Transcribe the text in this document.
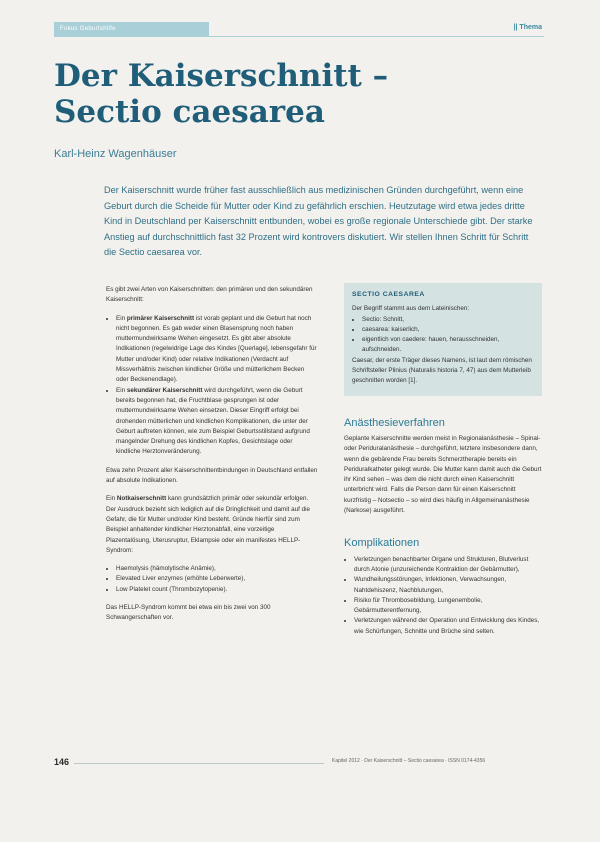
Fokus Geburtshilfe	|| Thema
Der Kaiserschnitt –
Sectio caesarea
Karl-Heinz Wagenhäuser
Der Kaiserschnitt wurde früher fast ausschließlich aus medizinischen Gründen durchgeführt, wenn eine Geburt durch die Scheide für Mutter oder Kind zu gefährlich erschien. Heutzutage wird etwa jedes dritte Kind in Deutschland per Kaiserschnitt entbunden, wobei es große regionale Unterschiede gibt. Der starke Anstieg auf durchschnittlich fast 32 Prozent wird kontrovers diskutiert. Wir stellen Ihnen Schritt für Schritt die Sectio caesarea vor.

Es gibt zwei Arten von Kaiserschnitten: den primären und den sekundären Kaiserschnitt:

• Ein primärer Kaiserschnitt ist vorab geplant und die Geburt hat noch nicht begonnen. Es gab weder einen Blasensprung noch haben muttermundwirksame Wehen eingesetzt. Es gibt aber absolute Indikationen (regelwidrige Lage des Kindes [Querlage], lebensgefahr für Mutter und/oder Kind) oder relative Indikationen (Verdacht auf Missverhältnis zwischen kindlicher Größe und mütterlichem Becken oder Beckenendlage).
• Ein sekundärer Kaiserschnitt wird durchgeführt, wenn die Geburt bereits begonnen hat, die Fruchtblase gesprungen ist oder muttermundwirksame Wehen einsetzen. Dieser Eingriff erfolgt bei drohenden mütterlichen und kindlichen Komplikationen, die unter der Geburt auftreten können, wie zum Beispiel Geburtsstillstand aufgrund mangelnder Drehung des kindlichen Kopfes, Gesichtslage oder kindliche Herztonveränderung.

Etwa zehn Prozent aller Kaiserschnittentbindungen in Deutschland entfallen auf absolute Indikationen.

Ein Notkaiserschnitt kann grundsätzlich primär oder sekundär erfolgen. Der Ausdruck bezieht sich lediglich auf die Dringlichkeit und damit auf die Gefahr, die für Mutter und/oder Kind besteht. Gründe hierfür sind zum Beispiel anhaltender kindlicher Herztonabfall, eine vorzeitige Plazentalösung, Uterusruptur, Eklampsie oder ein manifestes HELLP-Syndrom:

• Haemolysis (hämolytische Anämie),
• Elevated Liver enzymes (erhöhte Leberwerte),
• Low Platelet count (Thrombozytopenie).

Das HELLP-Syndrom kommt bei etwa ein bis zwei von 300 Schwangerschaften vor.

SECTIO CAESAREA

Der Begriff stammt aus dem Lateinischen:

• Sectio: Schnitt,
• caesarea: kaiserlich,
• eigentlich von caedere: hauen, herausschneiden, aufschneiden.

Caesar, der erste Träger dieses Namens, ist laut dem römischen Schriftsteller Plinius (Naturalis historia 7, 47) aus dem Mutterleib geschnitten worden [1].

Anästhesieverfahren

Geplante Kaiserschnitte werden meist in Regionalanästhesie – Spinal- oder Periduralanästhesie – durchgeführt, letztere insbesondere dann, wenn die gebärende Frau bereits Schmerztherapie bereits ein Periduralkatheter gelegt wurde. Die Mutter kann damit auch die Geburt ihr Kind sehen – was dem die nicht durch einen Kaiserschnitt unterbricht wird. Falls die Person dann für einen Kaiserschnitt kurzfristig – Notsectio – so wird dies häufig in Allgemeinanästhesie (Narkose) ausgeführt.

Komplikationen
• Verletzungen benachbarter Organe und Strukturen, Blutverlust durch Atonie (unzureichende Kontraktion der Gebärmutter),
• Wundheilungsstörungen, Infektionen, Verwachsungen, Nahtdehiszenz, Nachblutungen,
• Risiko für Thrombosebildung, Lungenembolie, Gebärmutterentfernung,
• Verletzungen während der Operation und Entwicklung des Kindes, wie Schürfungen, Schnitte und Brüche sind selten.
146	Kapitel 2012 · Der Kaiserschnitt – Sectio caesarea · ISSN 0174-4356
